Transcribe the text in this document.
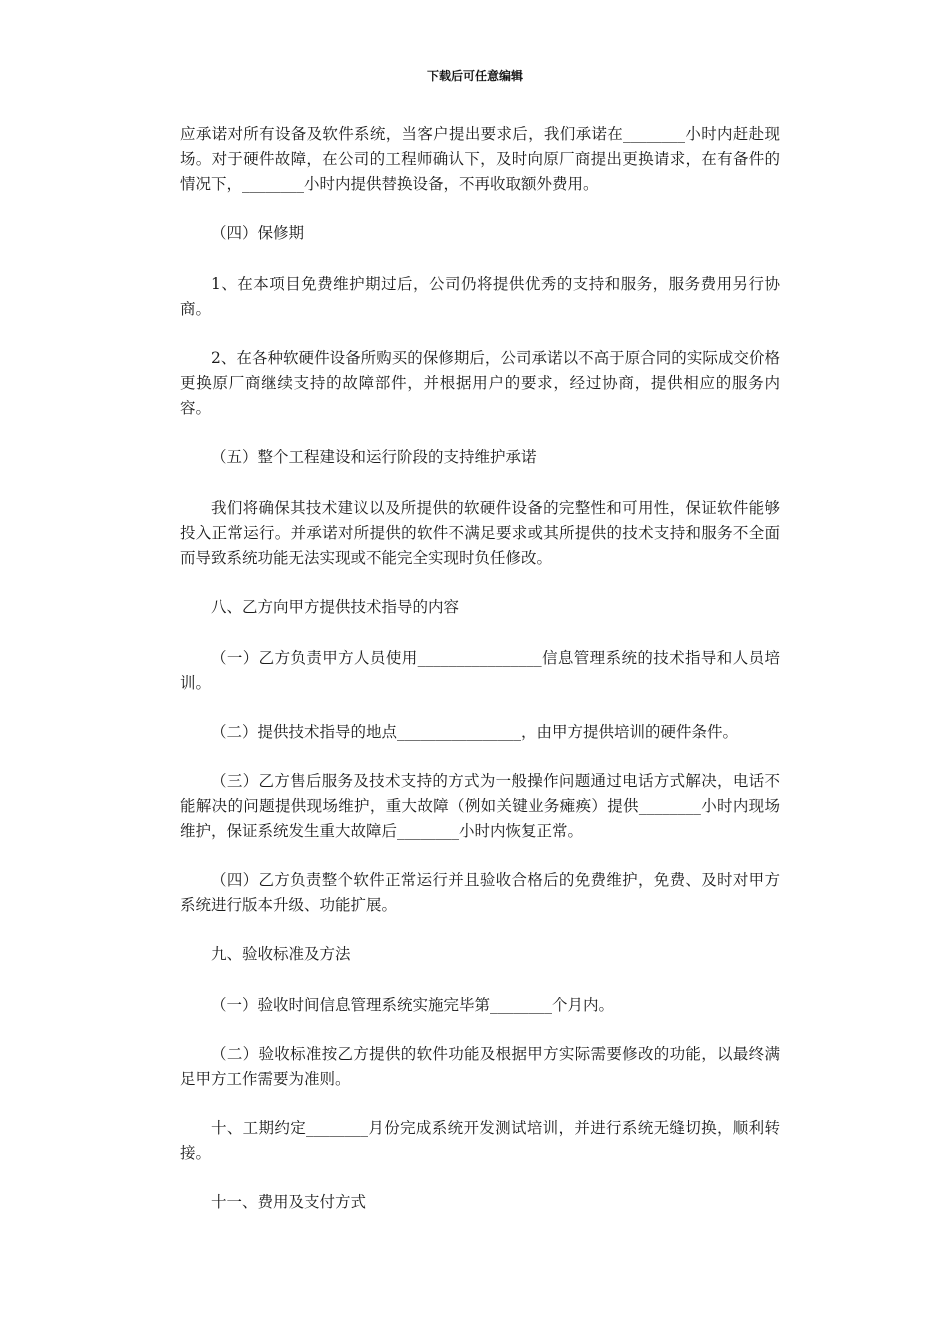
下载后可任意编辑

应承诺对所有设备及软件系统，当客户提出要求后，我们承诺在________小时内赶赴现场。对于硬件故障，在公司的工程师确认下，及时向原厂商提出更换请求，在有备件的情况下，________小时内提供替换设备，不再收取额外费用。

（四）保修期

1、在本项目免费维护期过后，公司仍将提供优秀的支持和服务，服务费用另行协商。

2、在各种软硬件设备所购买的保修期后，公司承诺以不高于原合同的实际成交价格更换原厂商继续支持的故障部件，并根据用户的要求，经过协商，提供相应的服务内容。

（五）整个工程建设和运行阶段的支持维护承诺

我们将确保其技术建议以及所提供的软硬件设备的完整性和可用性，保证软件能够投入正常运行。并承诺对所提供的软件不满足要求或其所提供的技术支持和服务不全面而导致系统功能无法实现或不能完全实现时负任修改。

八、乙方向甲方提供技术指导的内容

（一）乙方负责甲方人员使用________________信息管理系统的技术指导和人员培训。

（二）提供技术指导的地点________________，由甲方提供培训的硬件条件。

（三）乙方售后服务及技术支持的方式为一般操作问题通过电话方式解决，电话不能解决的问题提供现场维护，重大故障（例如关键业务瘫痪）提供________小时内现场维护，保证系统发生重大故障后________小时内恢复正常。

（四）乙方负责整个软件正常运行并且验收合格后的免费维护，免费、及时对甲方系统进行版本升级、功能扩展。

九、验收标准及方法

（一）验收时间信息管理系统实施完毕第________个月内。

（二）验收标准按乙方提供的软件功能及根据甲方实际需要修改的功能，以最终满足甲方工作需要为准则。

十、工期约定________月份完成系统开发测试培训，并进行系统无缝切换，顺利转接。

十一、费用及支付方式
